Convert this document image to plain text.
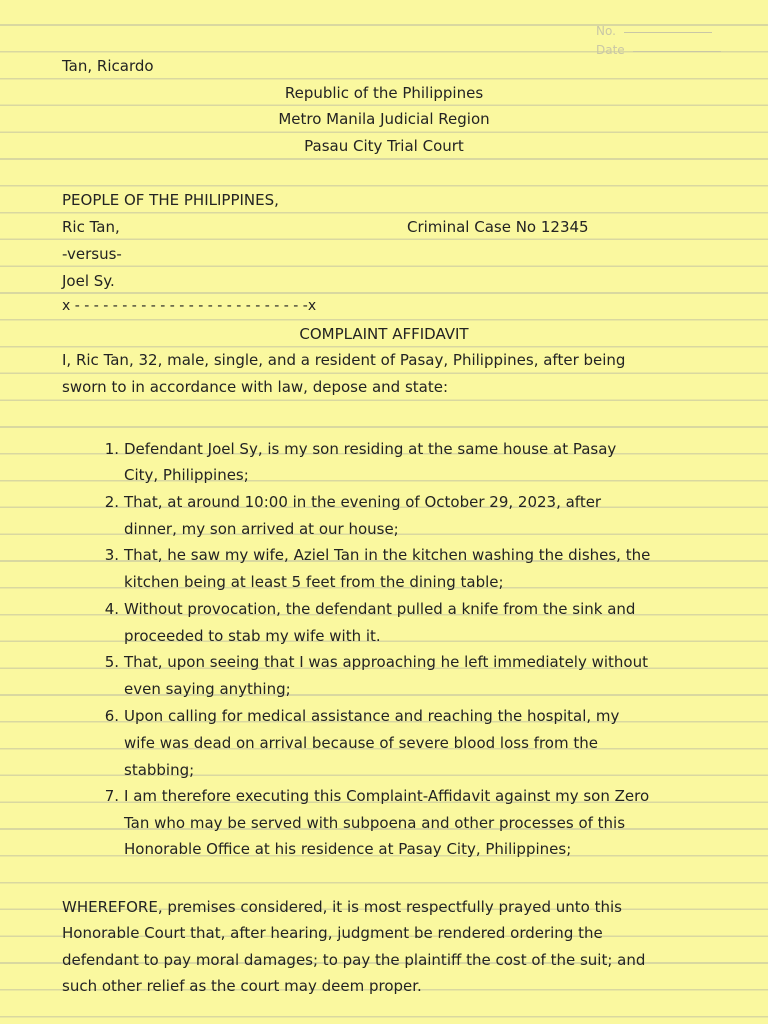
No.
Date
Tan, Ricardo
Republic of the Philippines
Metro Manila Judicial Region
Pasau City Trial Court
PEOPLE OF THE PHILIPPINES,
Ric Tan,	Criminal Case No 12345
-versus-
Joel Sy.
x - - - - - - - - - - - - - - - - - - - - - - - - -x
COMPLAINT AFFIDAVIT
I, Ric Tan, 32, male, single, and a resident of Pasay, Philippines, after being
sworn to in accordance with law, depose and state:
1. Defendant Joel Sy, is my son residing at the same house at Pasay
City, Philippines;
2. That, at around 10:00 in the evening of October 29, 2023, after
dinner, my son arrived at our house;
3. That, he saw my wife, Aziel Tan in the kitchen washing the dishes, the
kitchen being at least 5 feet from the dining table;
4. Without provocation, the defendant pulled a knife from the sink and
proceeded to stab my wife with it.
5. That, upon seeing that I was approaching he left immediately without
even saying anything;
6. Upon calling for medical assistance and reaching the hospital, my
wife was dead on arrival because of severe blood loss from the
stabbing;
7. I am therefore executing this Complaint-Affidavit against my son Zero
Tan who may be served with subpoena and other processes of this
Honorable Office at his residence at Pasay City, Philippines;
WHEREFORE, premises considered, it is most respectfully prayed unto this
Honorable Court that, after hearing, judgment be rendered ordering the
defendant to pay moral damages; to pay the plaintiff the cost of the suit; and
such other relief as the court may deem proper.
